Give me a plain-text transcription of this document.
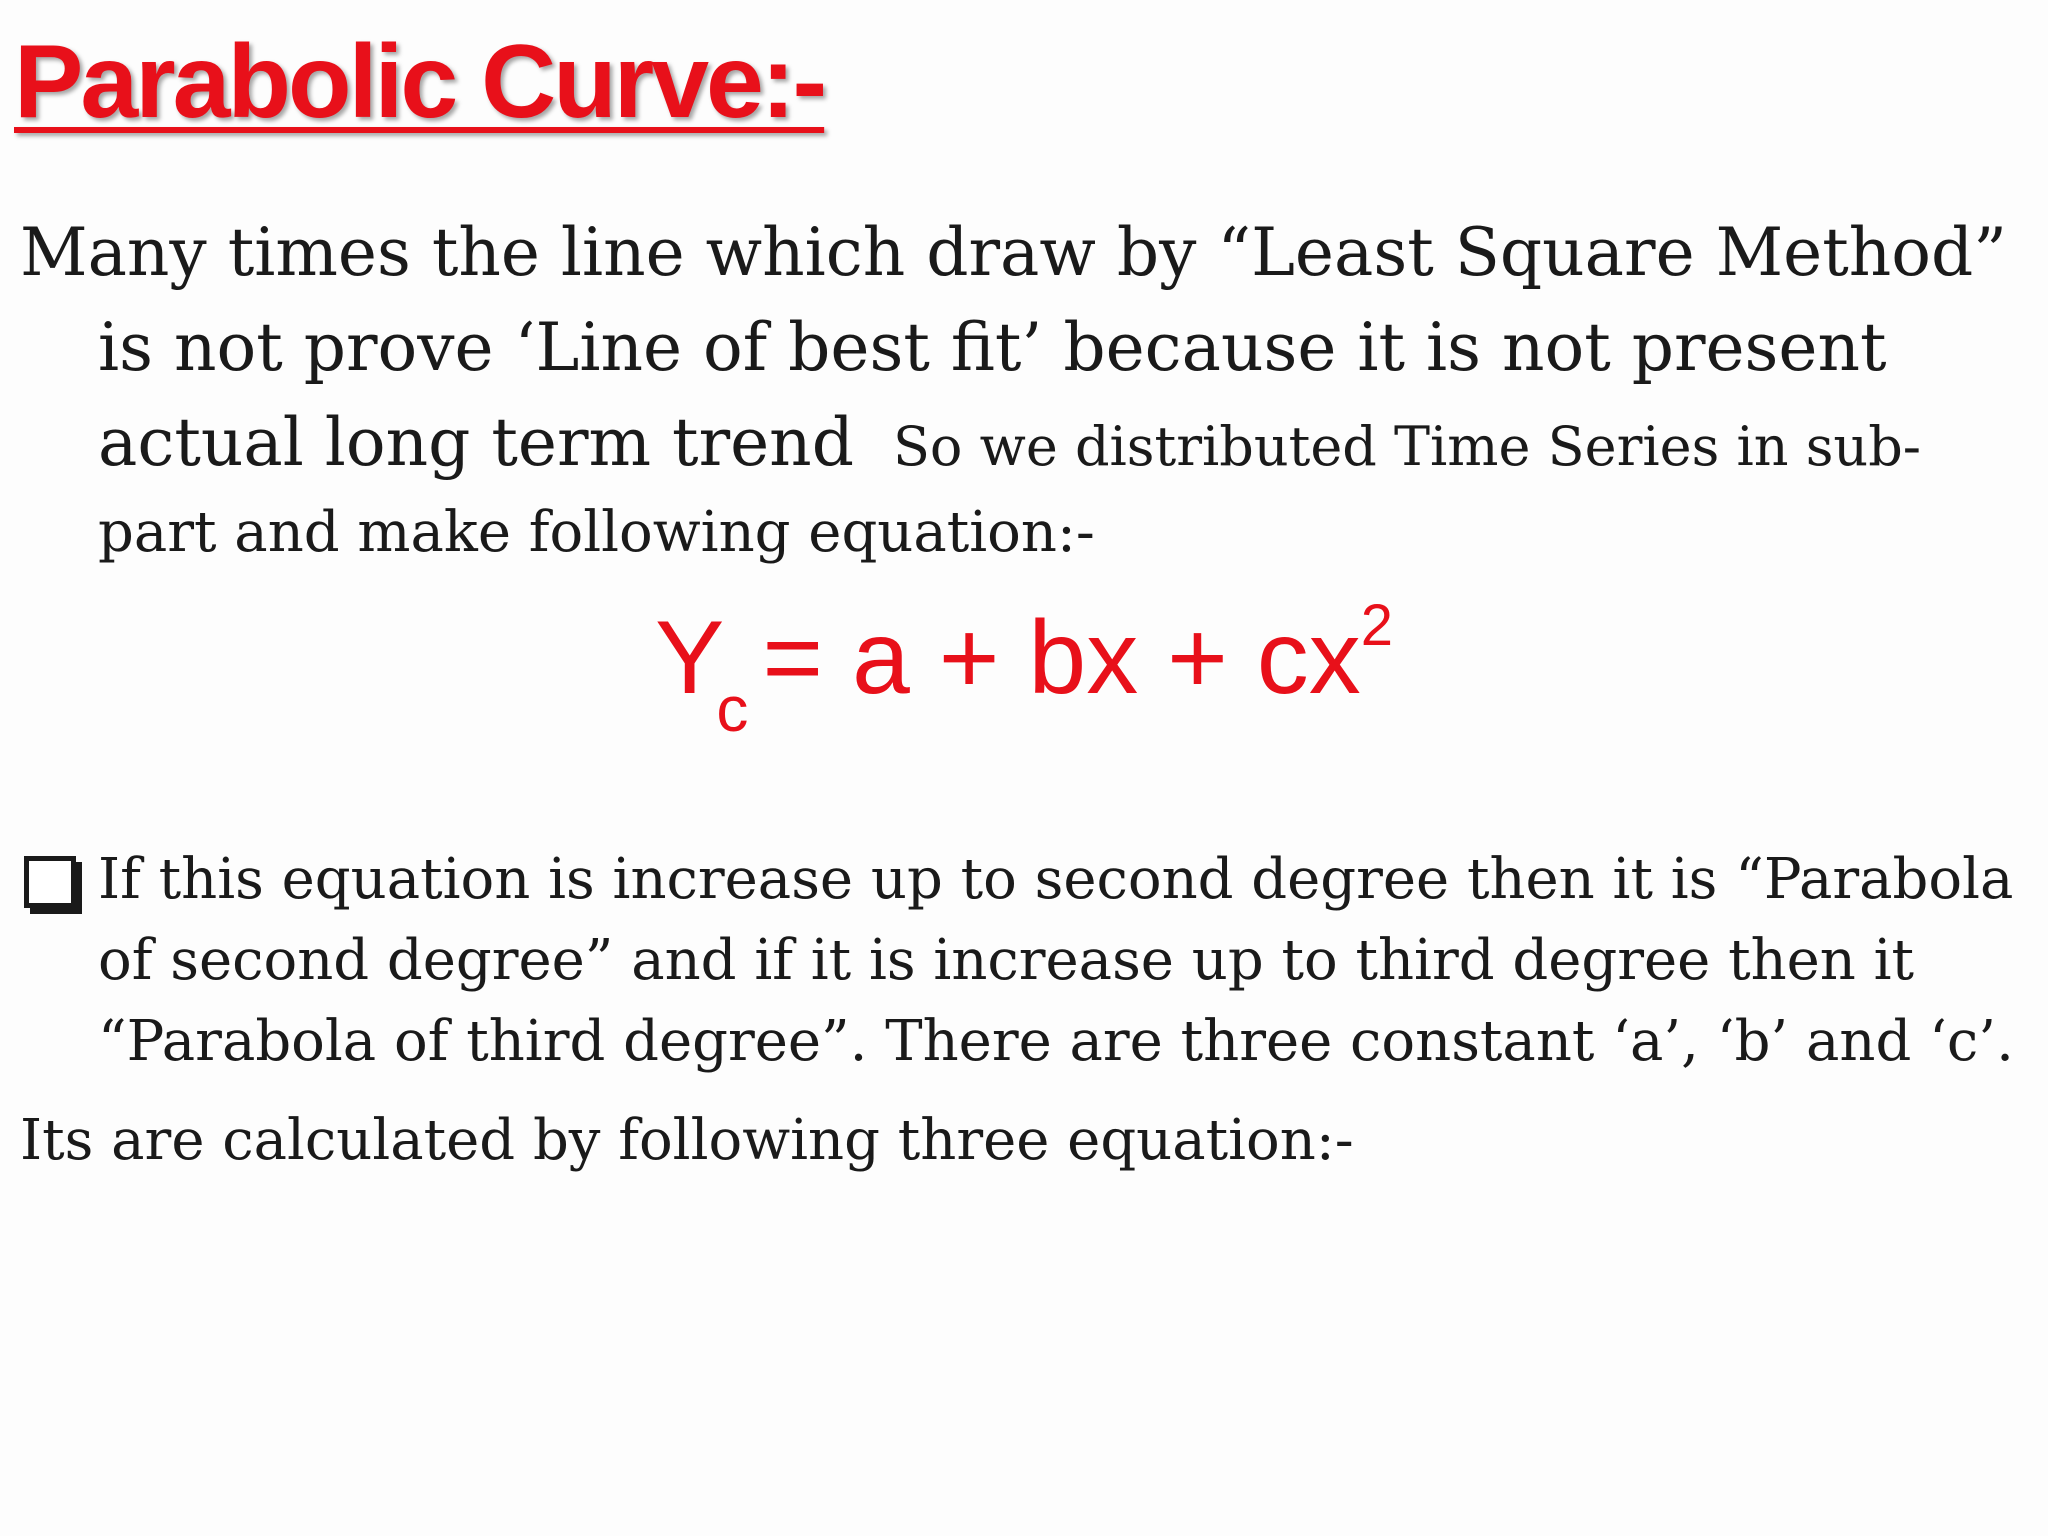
Parabolic Curve:-
Many times the line which draw by “Least Square Method”
is not prove ‘Line of best fit’ because it is not present
actual long term trend So we distributed Time Series in sub-
part and make following equation:-
$Y_c = a$ + bx + $cx^2$
If this equation is increase up to second degree then it is “Parabola
of second degree” and if it is increase up to third degree then it
“Parabola of third degree”. There are three constant ‘a’, ‘b’ and ‘c’.
Its are calculated by following three equation:-
